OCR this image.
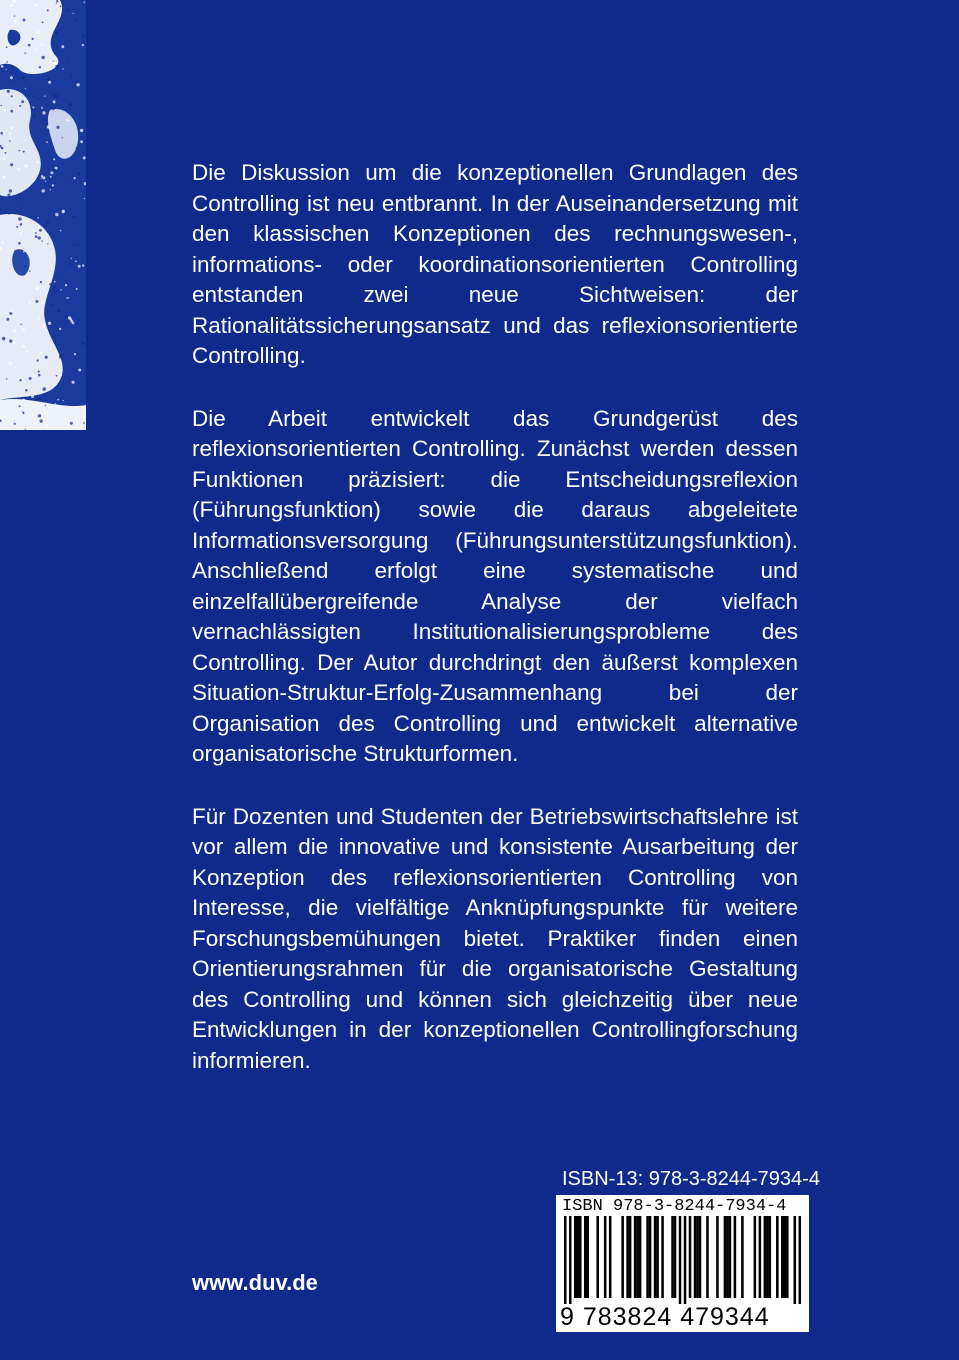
Die Diskussion um die konzeptionellen Grundlagen des Controlling ist neu entbrannt. In der Auseinandersetzung mit den klassischen Konzeptionen des rechnungswesen-, informations- oder koordinationsorientierten Controlling entstanden zwei neue Sichtweisen: der Rationalitätssicherungsansatz und das reflexionsorientierte Controlling.

Die Arbeit entwickelt das Grundgerüst des reflexionsorientierten Controlling. Zunächst werden dessen Funktionen präzisiert: die Entscheidungsreflexion (Führungsfunktion) sowie die daraus abgeleitete Informationsversorgung (Führungsunterstützungsfunktion). Anschließend erfolgt eine systematische und einzelfallübergreifende Analyse der vielfach vernachlässigten Institutionalisierungsprobleme des Controlling. Der Autor durchdringt den äußerst komplexen Situation-Struktur-Erfolg-Zusammenhang bei der Organisation des Controlling und entwickelt alternative organisatorische Strukturformen.

Für Dozenten und Studenten der Betriebswirtschaftslehre ist vor allem die innovative und konsistente Ausarbeitung der Konzeption des reflexionsorientierten Controlling von Interesse, die vielfältige Anknüpfungspunkte für weitere Forschungsbemühungen bietet. Praktiker finden einen Orientierungsrahmen für die organisatorische Gestaltung des Controlling und können sich gleichzeitig über neue Entwicklungen in der konzeptionellen Controllingforschung informieren.

ISBN-13: 978-3-8244-7934-4
ISBN 978-3-8244-7934-4
9 783824 479344
www.duv.de
